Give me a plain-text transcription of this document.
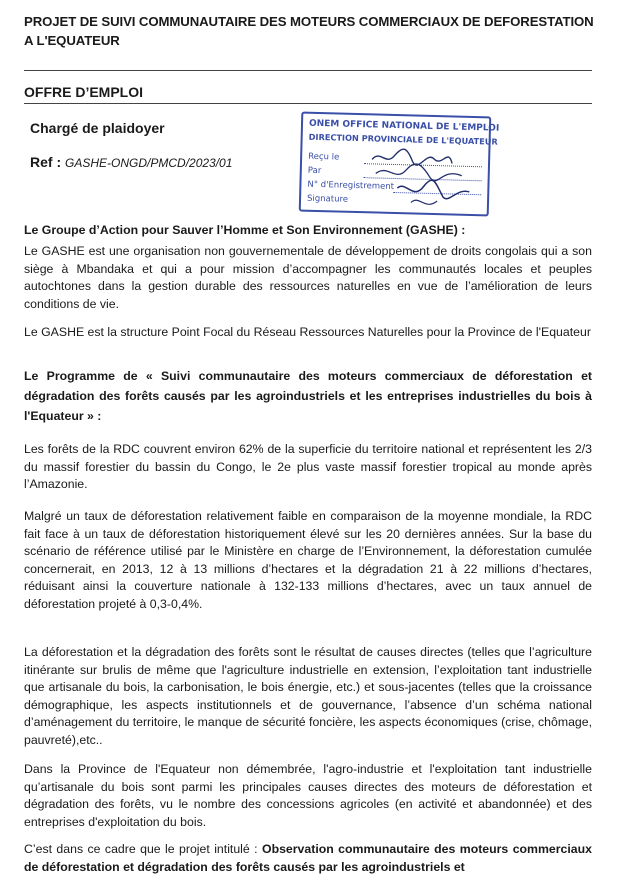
PROJET DE SUIVI COMMUNAUTAIRE DES MOTEURS COMMERCIAUX DE DEFORESTATION A L'EQUATEUR
OFFRE D’EMPLOI
Chargé de plaidoyer
Ref : GASHE-ONGD/PMCD/2023/01
ONEM OFFICE NATIONAL DE L'EMPLOI
DIRECTION PROVINCIALE DE L'EQUATEUR
Reçu le
Par
N° d'Enregistrement
Signature
Le Groupe d’Action pour Sauver l’Homme et Son Environnement (GASHE) :
Le GASHE est une organisation non gouvernementale de développement de droits congolais qui a son siège à Mbandaka et qui a pour mission d’accompagner les communautés locales et peuples autochtones dans la gestion durable des ressources naturelles en vue de l’amélioration de leurs conditions de vie.
Le GASHE est la structure Point Focal du Réseau Ressources Naturelles pour la Province de l'Equateur
Le Programme de « Suivi communautaire des moteurs commerciaux de déforestation et dégradation des forêts causés par les agroindustriels et les entreprises industrielles du bois à l'Equateur » :
Les forêts de la RDC couvrent environ 62% de la superficie du territoire national et représentent les 2/3 du massif forestier du bassin du Congo, le 2e plus vaste massif forestier tropical au monde après l’Amazonie.
Malgré un taux de déforestation relativement faible en comparaison de la moyenne mondiale, la RDC fait face à un taux de déforestation historiquement élevé sur les 20 dernières années. Sur la base du scénario de référence utilisé par le Ministère en charge de l’Environnement, la déforestation cumulée concernerait, en 2013, 12 à 13 millions d’hectares et la dégradation 21 à 22 millions d’hectares, réduisant ainsi la couverture nationale à 132-133 millions d’hectares, avec un taux annuel de déforestation projeté à 0,3-0,4%.
La déforestation et la dégradation des forêts sont le résultat de causes directes (telles que l’agriculture itinérante sur brulis de même que l'agriculture industrielle en extension, l’exploitation tant industrielle que artisanale du bois, la carbonisation, le bois énergie, etc.) et sous-jacentes (telles que la croissance démographique, les aspects institutionnels et de gouvernance, l’absence d’un schéma national d’aménagement du territoire, le manque de sécurité foncière, les aspects économiques (crise, chômage, pauvreté),etc..
Dans la Province de l'Equateur non démembrée, l'agro-industrie et l'exploitation tant industrielle qu’artisanale du bois sont parmi les principales causes directes des moteurs de déforestation et dégradation des forêts, vu le nombre des concessions agricoles (en activité et abandonnée) et des entreprises d'exploitation du bois.
C’est dans ce cadre que le projet intitulé : Observation communautaire des moteurs commerciaux de déforestation et dégradation des forêts causés par les agroindustriels et
